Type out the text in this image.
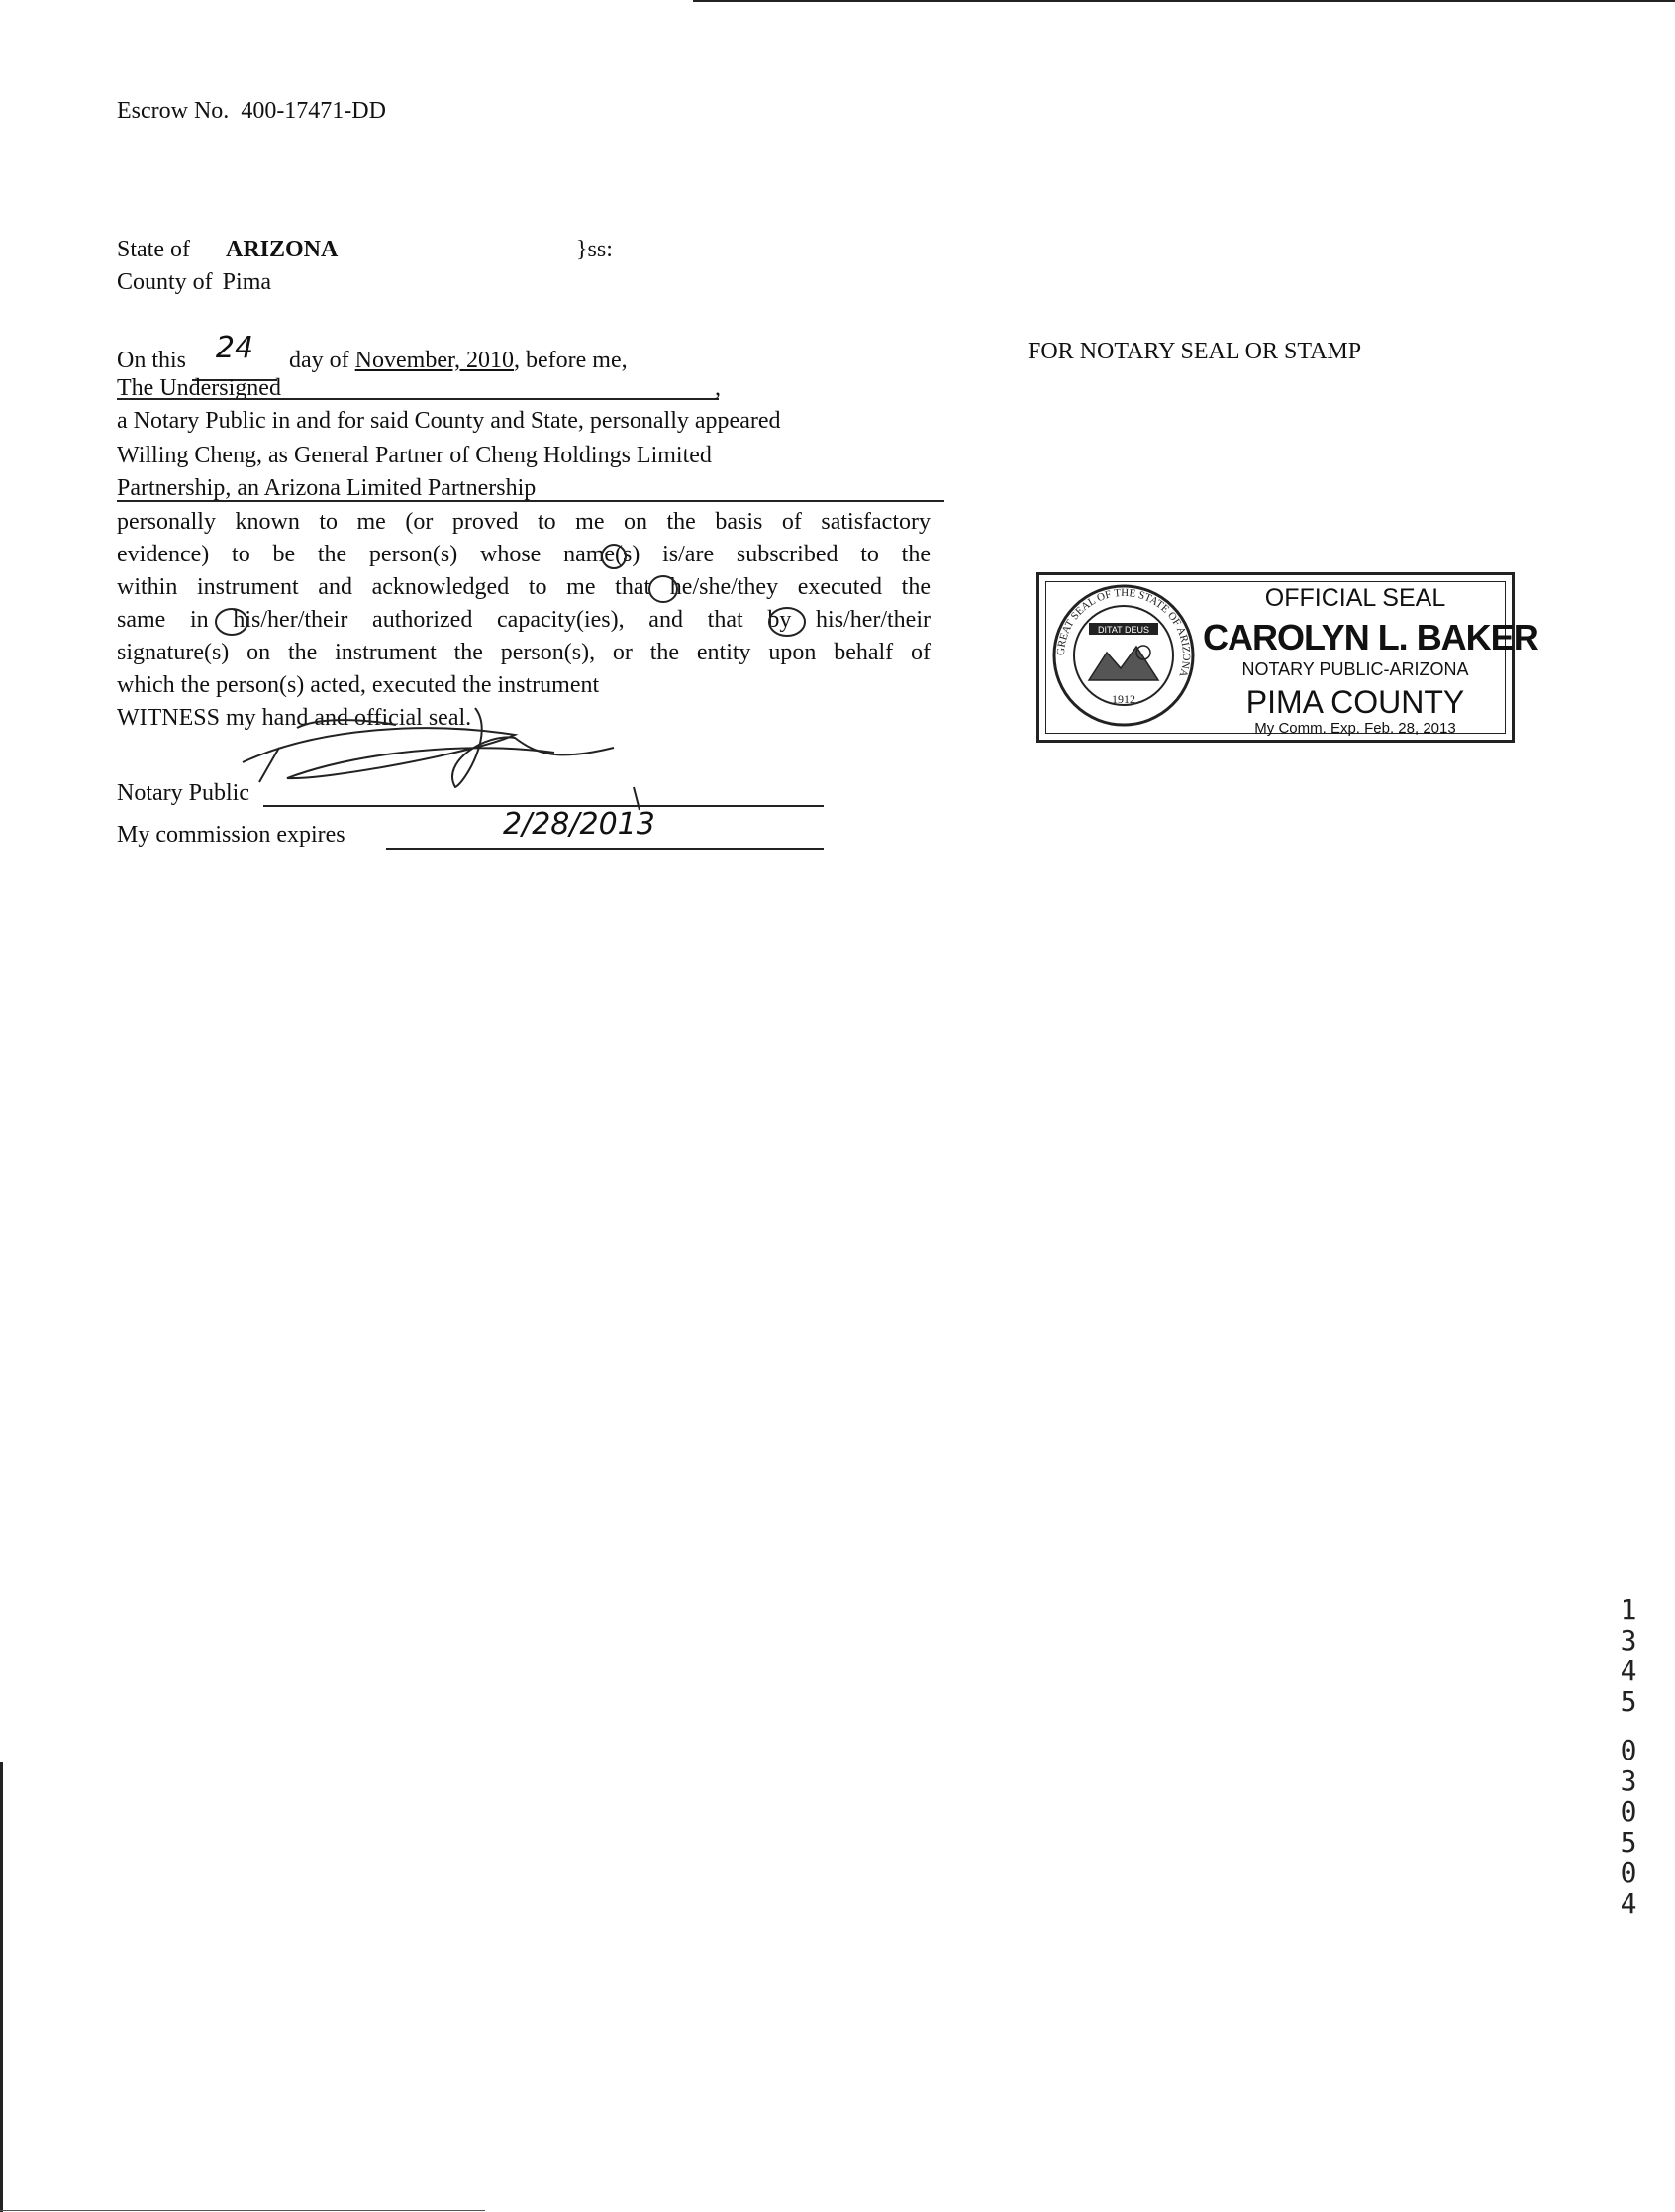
Escrow No. 400-17471-DD
State of ARIZONA	}ss:
County of Pima
FOR NOTARY SEAL OR STAMP
On this 24 day of November, 2010, before me,
The Undersigned	,
a Notary Public in and for said County and State, personally appeared
Willing Cheng, as General Partner of Cheng Holdings Limited
Partnership, an Arizona Limited Partnership
personally known to me (or proved to me on the basis of satisfactory
evidence) to be the person(s) whose name(s) is/are subscribed to the
within instrument and acknowledged to me that he/she/they executed the
same in his/her/their authorized capacity(ies), and that by his/her/their
signature(s) on the instrument the person(s), or the entity upon behalf of
which the person(s) acted, executed the instrument
WITNESS my hand and official seal.
Notary Public
My commission expires	2/28/2013
GREAT SEAL OF THE STATE OF ARIZONA
DITAT DEUS
1912
OFFICIAL SEAL
CAROLYN L. BAKER
NOTARY PUBLIC-ARIZONA
PIMA COUNTY
My Comm. Exp. Feb. 28, 2013
1
3
4
5
0
3
0
5
0
4
